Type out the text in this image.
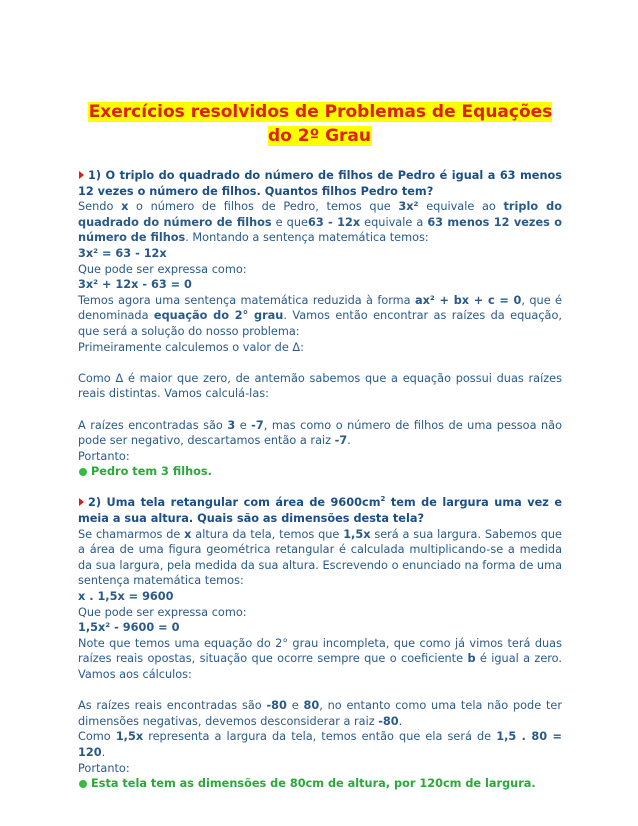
Exercícios resolvidos de Problemas de Equações do 2º Grau

1) O triplo do quadrado do número de filhos de Pedro é igual a 63 menos 12 vezes o número de filhos. Quantos filhos Pedro tem?

Sendo x o número de filhos de Pedro, temos que 3x² equivale ao triplo do quadrado do número de filhos e que63 - 12x equivale a 63 menos 12 vezes o número de filhos. Montando a sentença matemática temos:

3x² = 63 - 12x

Que pode ser expressa como:

3x² + 12x - 63 = 0

Temos agora uma sentença matemática reduzida à forma ax² + bx + c = 0, que é denominada equação do 2° grau. Vamos então encontrar as raízes da equação, que será a solução do nosso problema:

Primeiramente calculemos o valor de Δ:

Como Δ é maior que zero, de antemão sabemos que a equação possui duas raízes reais distintas. Vamos calculá-las:

A raízes encontradas são 3 e -7, mas como o número de filhos de uma pessoa não pode ser negativo, descartamos então a raiz -7.

Portanto:

Pedro tem 3 filhos.

2) Uma tela retangular com área de $9600cm^2$ tem de largura uma vez e meia a sua altura. Quais são as dimensões desta tela?

Se chamarmos de x altura da tela, temos que 1,5x será a sua largura. Sabemos que a área de uma figura geométrica retangular é calculada multiplicando-se a medida da sua largura, pela medida da sua altura. Escrevendo o enunciado na forma de uma sentença matemática temos:

x . 1,5x = 9600

Que pode ser expressa como:

1,5x² - 9600 = 0

Note que temos uma equação do 2° grau incompleta, que como já vimos terá duas raízes reais opostas, situação que ocorre sempre que o coeficiente b é igual a zero. Vamos aos cálculos:

As raízes reais encontradas são -80 e 80, no entanto como uma tela não pode ter dimensões negativas, devemos desconsiderar a raiz -80.

Como 1,5x representa a largura da tela, temos então que ela será de 1,5 . 80 = 120.

Portanto:

Esta tela tem as dimensões de 80cm de altura, por 120cm de largura.
